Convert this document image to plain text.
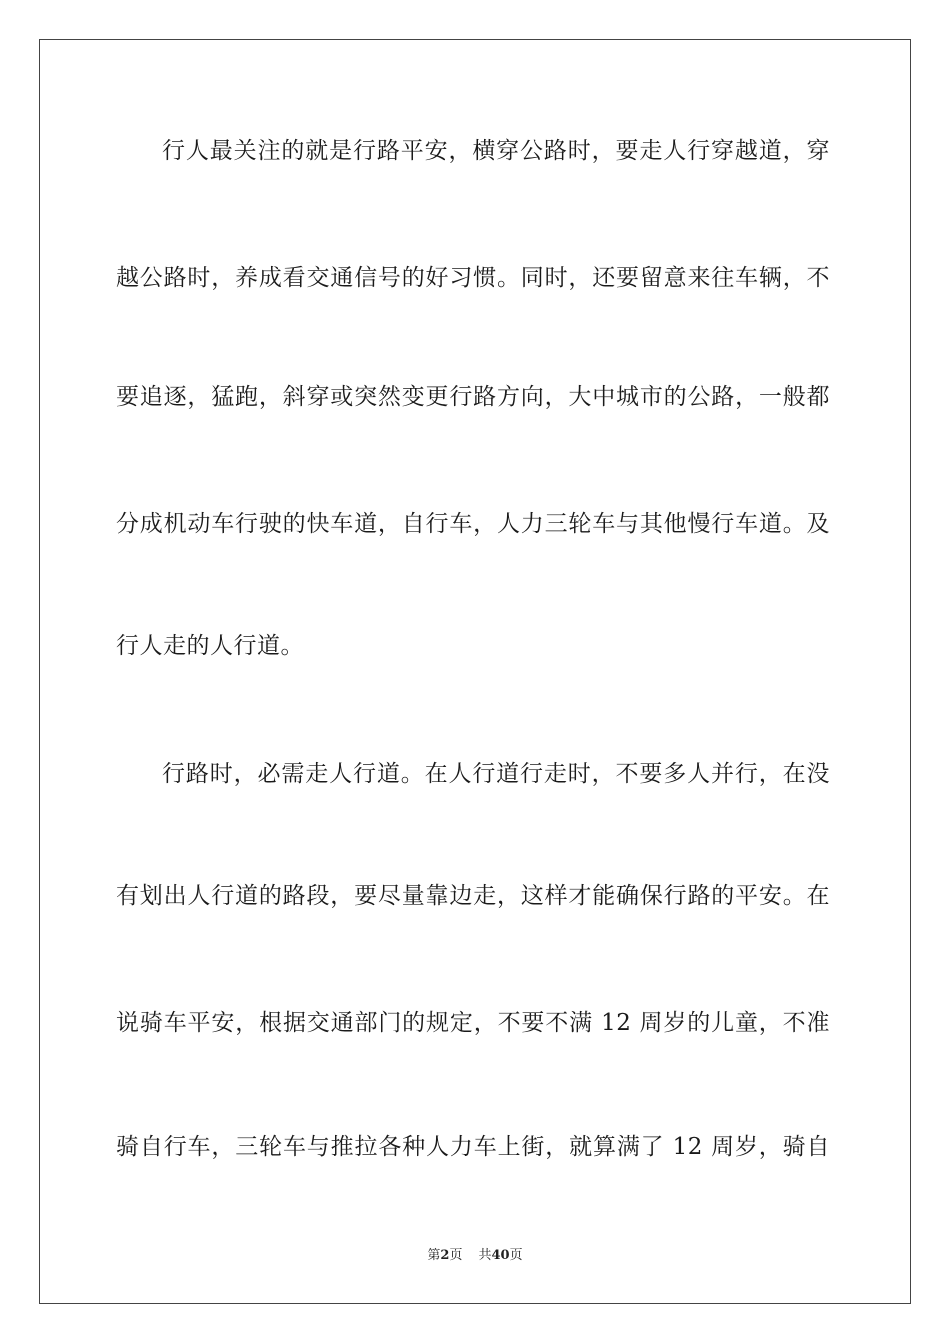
行人最关注的就是行路平安，横穿公路时，要走人行穿越道，穿
越公路时，养成看交通信号的好习惯。同时，还要留意来往车辆，不
要追逐，猛跑，斜穿或突然变更行路方向，大中城市的公路，一般都
分成机动车行驶的快车道，自行车，人力三轮车与其他慢行车道。及
行人走的人行道。
行路时，必需走人行道。在人行道行走时，不要多人并行，在没
有划出人行道的路段，要尽量靠边走，这样才能确保行路的平安。在
说骑车平安，根据交通部门的规定，不要不满 12 周岁的儿童，不准
骑自行车，三轮车与推拉各种人力车上街，就算满了 12 周岁，骑自
第2页 共40页
